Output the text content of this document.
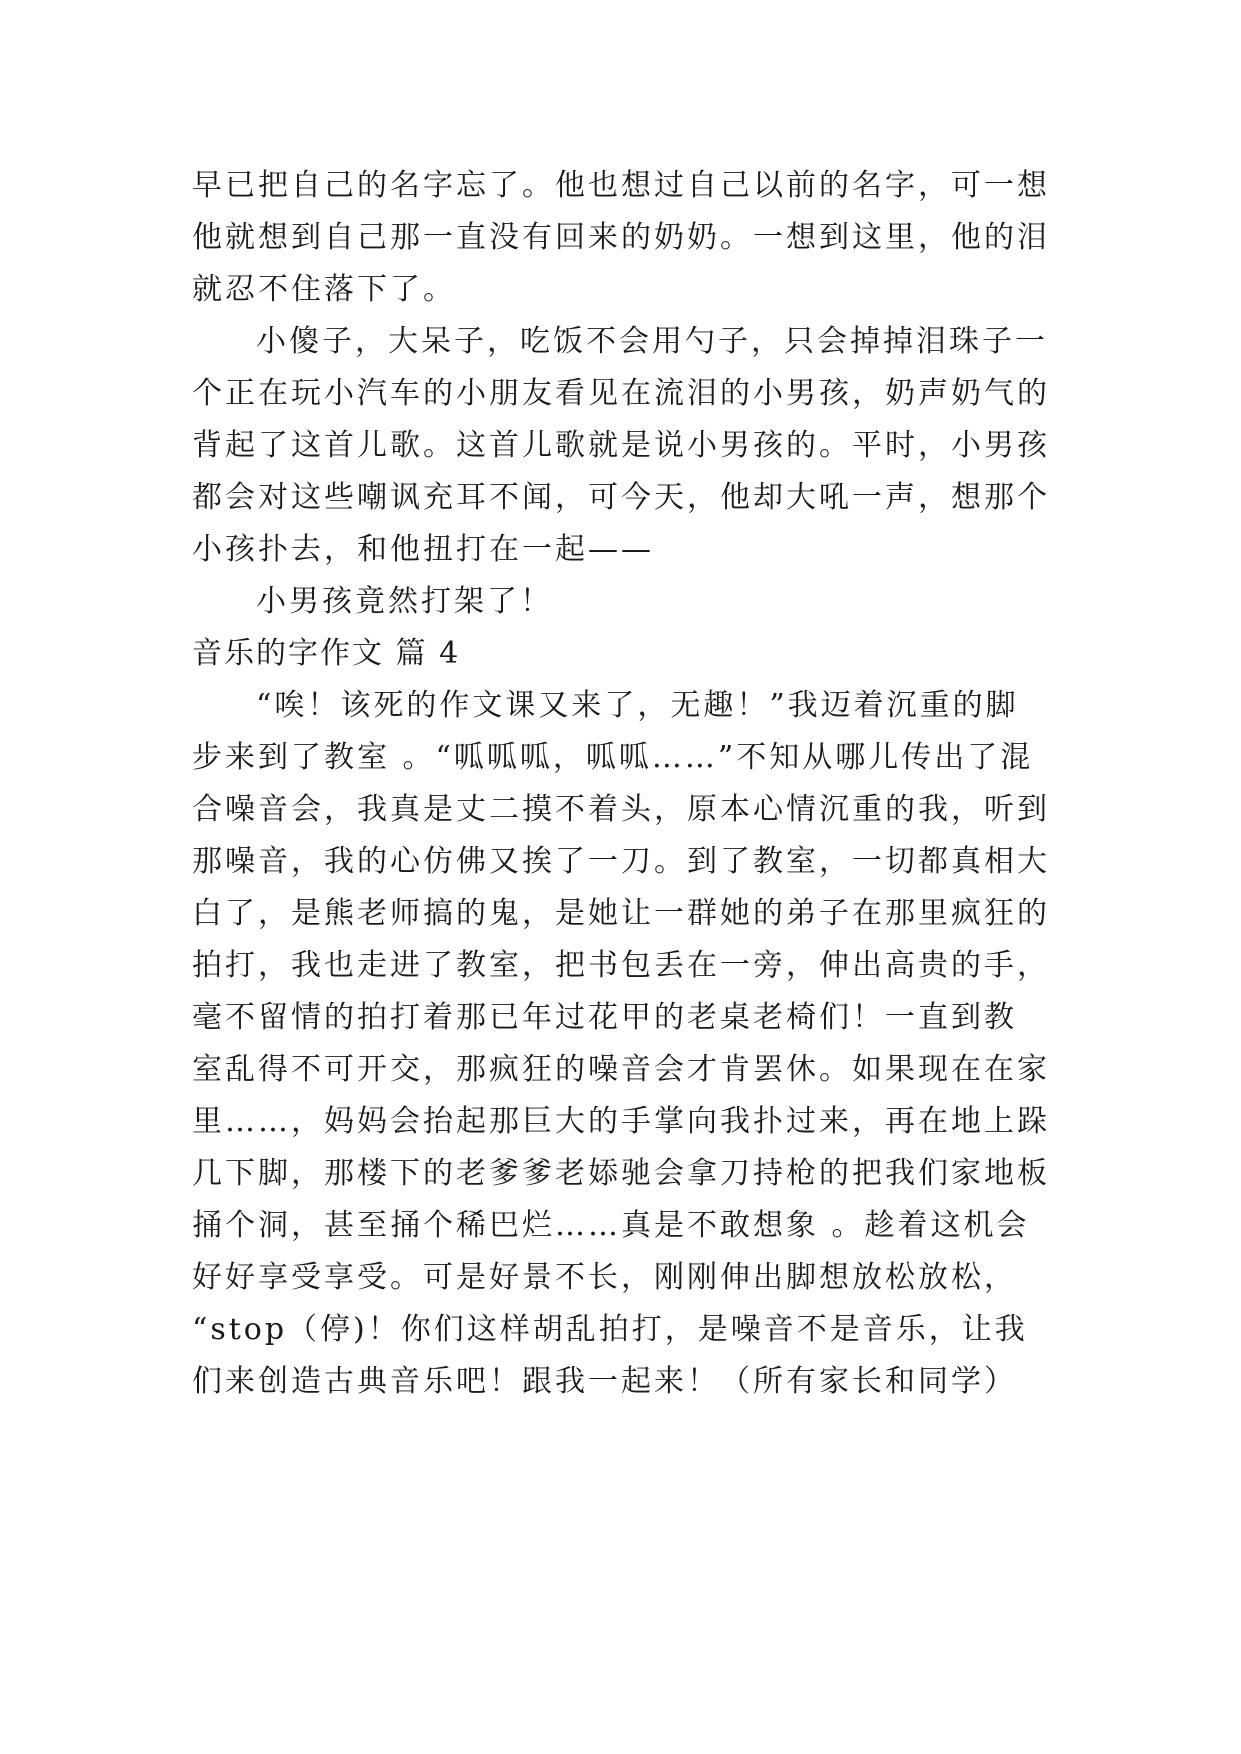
早已把自己的名字忘了。他也想过自己以前的名字，可一想
他就想到自己那一直没有回来的奶奶。一想到这里，他的泪
就忍不住落下了。
小傻子，大呆子，吃饭不会用勺子，只会掉掉泪珠子一
个正在玩小汽车的小朋友看见在流泪的小男孩，奶声奶气的
背起了这首儿歌。这首儿歌就是说小男孩的。平时，小男孩
都会对这些嘲讽充耳不闻，可今天，他却大吼一声，想那个
小孩扑去，和他扭打在一起——
小男孩竟然打架了！
音乐的字作文 篇 4
“唉！该死的作文课又来了，无趣！”我迈着沉重的脚
步来到了教室 。“呱呱呱，呱呱……”不知从哪儿传出了混
合噪音会，我真是丈二摸不着头，原本心情沉重的我，听到
那噪音，我的心仿佛又挨了一刀。到了教室，一切都真相大
白了，是熊老师搞的鬼，是她让一群她的弟子在那里疯狂的
拍打，我也走进了教室，把书包丢在一旁，伸出高贵的手，
毫不留情的拍打着那已年过花甲的老桌老椅们！一直到教
室乱得不可开交，那疯狂的噪音会才肯罢休。如果现在在家
里……，妈妈会抬起那巨大的手掌向我扑过来，再在地上跺
几下脚，那楼下的老爹爹老婖驰会拿刀持枪的把我们家地板
捅个洞，甚至捅个稀巴烂……真是不敢想象 。趁着这机会
好好享受享受。可是好景不长，刚刚伸出脚想放松放松，
“stop（停)！你们这样胡乱拍打，是噪音不是音乐，让我
们来创造古典音乐吧！跟我一起来！（所有家长和同学）
